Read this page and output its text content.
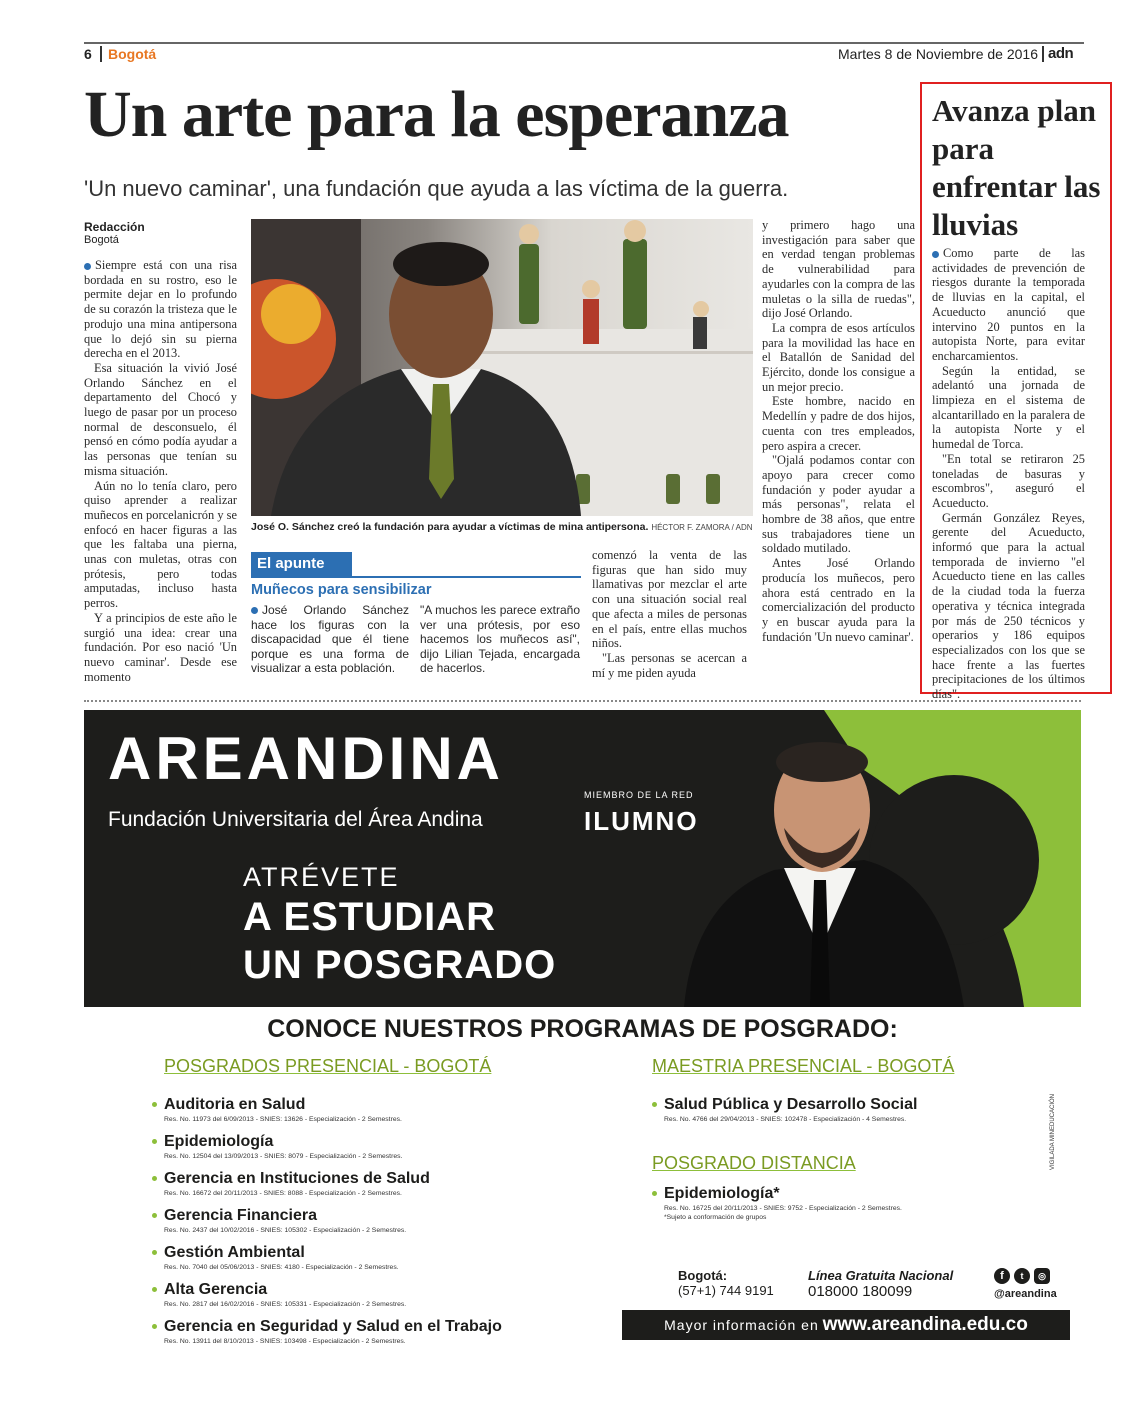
6 Bogotá	Martes 8 de Noviembre de 2016 adn
Un arte para la esperanza
'Un nuevo caminar', una fundación que ayuda a las víctima de la guerra.
Redacción
Bogotá

Siempre está con una risa bordada en su rostro, eso le permite dejar en lo profundo de su corazón la tristeza que le produjo una mina antipersona que lo dejó sin su pierna derecha en el 2013.

Esa situación la vivió José Orlando Sánchez en el departamento del Chocó y luego de pasar por un proceso normal de desconsuelo, él pensó en cómo podía ayudar a las personas que tenían su misma situación.

Aún no lo tenía claro, pero quiso aprender a realizar muñecos en porcelanicrón y se enfocó en hacer figuras a las que les faltaba una pierna, unas con muletas, otras con prótesis, pero todas amputadas, incluso hasta perros.

Y a principios de este año le surgió una idea: crear una fundación. Por eso nació 'Un nuevo caminar'. Desde ese momento

José O. Sánchez creó la fundación para ayudar a víctimas de mina antipersona. HÉCTOR F. ZAMORA / ADN

y primero hago una investigación para saber que en verdad tengan problemas de vulnerabilidad para ayudarles con la compra de las muletas o la silla de ruedas", dijo José Orlando.

La compra de esos artículos para la movilidad las hace en el Batallón de Sanidad del Ejército, donde los consigue a un mejor precio.

Este hombre, nacido en Medellín y padre de dos hijos, cuenta con tres empleados, pero aspira a crecer.

"Ojalá podamos contar con apoyo para crecer como fundación y poder ayudar a más personas", relata el hombre de 38 años, que entre sus trabajadores tiene un soldado mutilado.

Antes José Orlando producía los muñecos, pero ahora está centrado en la comercialización del producto y en buscar ayuda para la fundación 'Un nuevo caminar'.

El apunte
Muñecos para sensibilizar

José Orlando Sánchez hace los figuras con la discapacidad que él tiene porque es una forma de visualizar a esta población.

"A muchos les parece extraño ver una prótesis, por eso hacemos los muñecos así", dijo Lilian Tejada, encargada de hacerlos.

comenzó la venta de las figuras que han sido muy llamativas por mezclar el arte con una situación social real que afecta a miles de personas en el país, entre ellas muchos niños.

"Las personas se acercan a mí y me piden ayuda

Avanza plan para enfrentar las lluvias

Como parte de las actividades de prevención de riesgos durante la temporada de lluvias en la capital, el Acueducto anunció que intervino 20 puntos en la autopista Norte, para evitar encharcamientos.

Según la entidad, se adelantó una jornada de limpieza en el sistema de alcantarillado en la paralera de la autopista Norte y el humedal de Torca.

"En total se retiraron 25 toneladas de basuras y escombros", aseguró el Acueducto.

Germán González Reyes, gerente del Acueducto, informó que para la actual temporada de invierno "el Acueducto tiene en las calles de la ciudad toda la fuerza operativa y técnica integrada por más de 250 técnicos y operarios y 186 equipos especializados con los que se hace frente a las fuertes precipitaciones de los últimos días".

AREANDINA
Fundación Universitaria del Área Andina
MIEMBRO DE LA RED
ILUMNO
ATRÉVETE
A ESTUDIAR
UN POSGRADO
CONOCE NUESTROS PROGRAMAS DE POSGRADO:
POSGRADOS PRESENCIAL - BOGOTÁ	MAESTRIA PRESENCIAL - BOGOTÁ
POSGRADO DISTANCIA
Auditoria en Salud
Res. No. 11973 del 6/09/2013 - SNIES: 13626 - Especialización - 2 Semestres.
Epidemiología
Res. No. 12504 del 13/09/2013 - SNIES: 8079 - Especialización - 2 Semestres.
Gerencia en Instituciones de Salud
Res. No. 16672 del 20/11/2013 - SNIES: 8088 - Especialización - 2 Semestres.
Gerencia Financiera
Res. No. 2437 del 10/02/2016 - SNIES: 105302 - Especialización - 2 Semestres.
Gestión Ambiental
Res. No. 7040 del 05/06/2013 - SNIES: 4180 - Especialización - 2 Semestres.
Alta Gerencia
Res. No. 2817 del 16/02/2016 - SNIES: 105331 - Especialización - 2 Semestres.
Gerencia en Seguridad y Salud en el Trabajo
Res. No. 13911 del 8/10/2013 - SNIES: 103498 - Especialización - 2 Semestres.
Salud Pública y Desarrollo Social
Res. No. 4766 del 29/04/2013 - SNIES: 102478 - Especialización - 4 Semestres.
Epidemiología*
Res. No. 16725 del 20/11/2013 - SNIES: 9752 - Especialización - 2 Semestres.
*Sujeto a conformación de grupos
VIGILADA MINEDUCACIÓN
Bogotá:
(57+1) 744 9191
Línea Gratuita Nacional
018000 180099
f t ◎
@areandina
Mayor información en www.areandina.edu.co
